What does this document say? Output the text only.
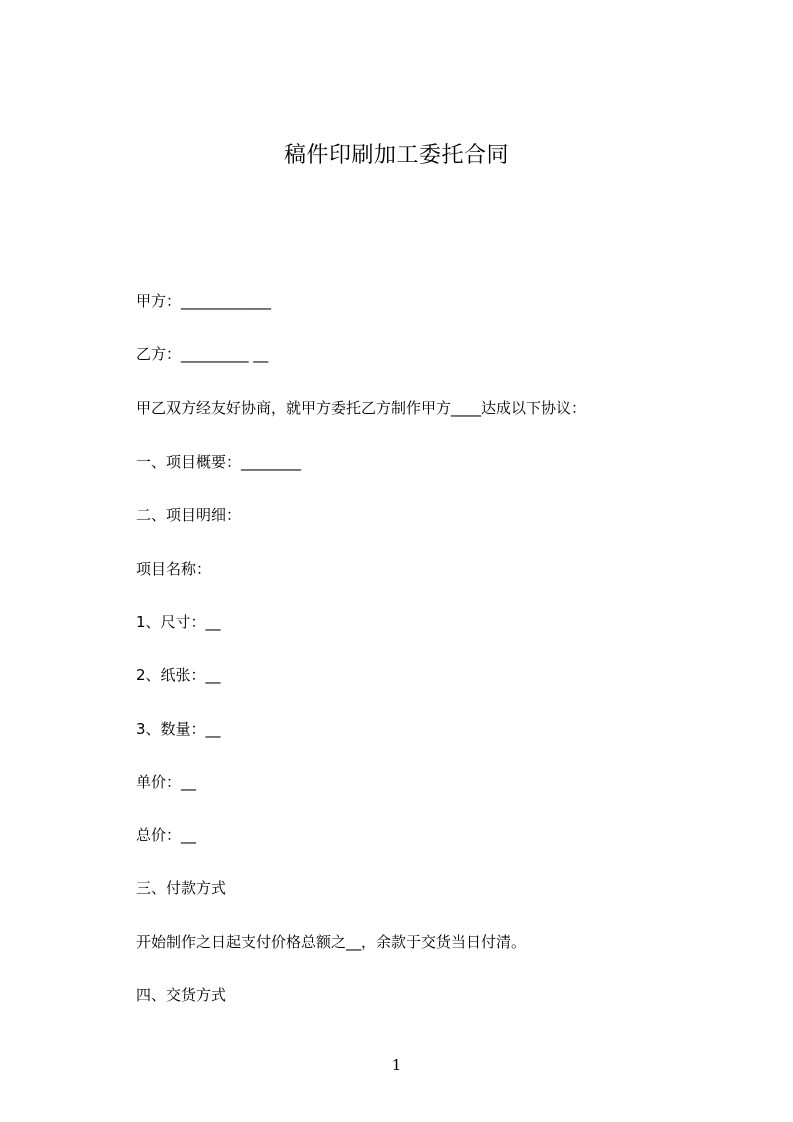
稿件印刷加工委托合同
甲方：____________
乙方：_________ __
甲乙双方经友好协商，就甲方委托乙方制作甲方____达成以下协议：
一、项目概要：________
二、项目明细：
项目名称：
1、尺寸：__
2、纸张：__
3、数量：__
单价：__
总价：__
三、付款方式
开始制作之日起支付价格总额之__，余款于交货当日付清。
四、交货方式
1
